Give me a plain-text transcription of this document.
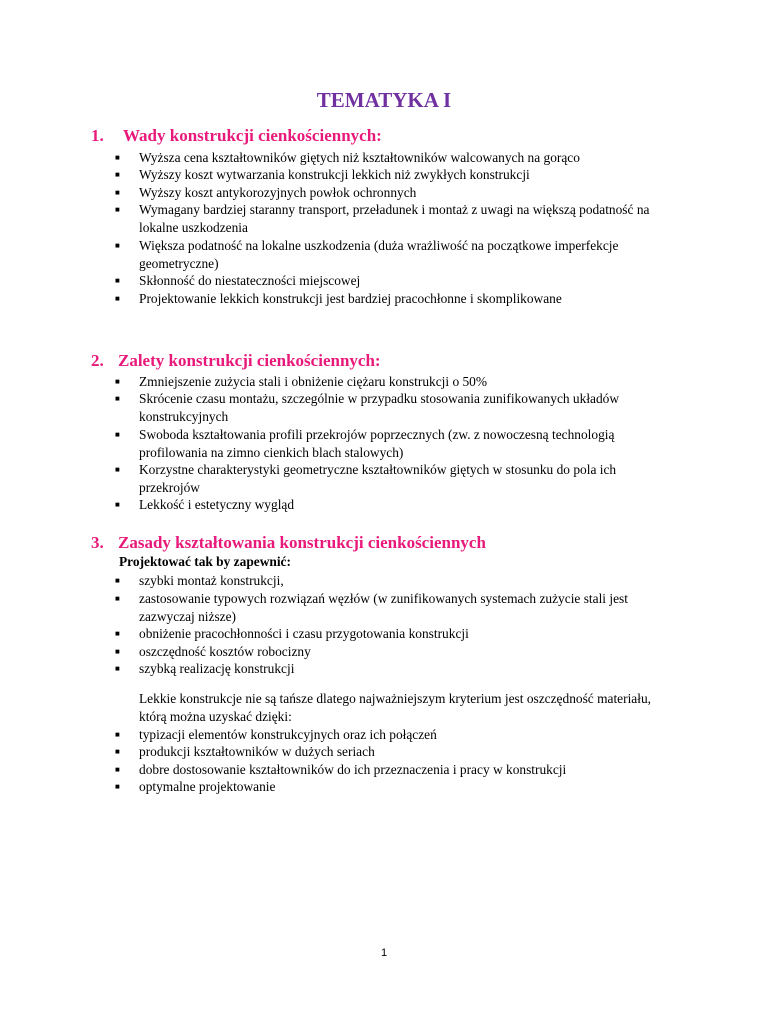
TEMATYKA I
1. Wady konstrukcji cienkościennych:
■ Wyższa cena kształtowników giętych niż kształtowników walcowanych na gorąco
■ Wyższy koszt wytwarzania konstrukcji lekkich niż zwykłych konstrukcji
■ Wyższy koszt antykorozyjnych powłok ochronnych
■ Wymagany bardziej staranny transport, przeładunek i montaż z uwagi na większą podatność na lokalne uszkodzenia
■ Większa podatność na lokalne uszkodzenia (duża wrażliwość na początkowe imperfekcje geometryczne)
■ Skłonność do niestateczności miejscowej
■ Projektowanie lekkich konstrukcji jest bardziej pracochłonne i skomplikowane
2. Zalety konstrukcji cienkościennych:
■ Zmniejszenie zużycia stali i obniżenie ciężaru konstrukcji o 50%
■ Skrócenie czasu montażu, szczególnie w przypadku stosowania zunifikowanych układów konstrukcyjnych
■ Swoboda kształtowania profili przekrojów poprzecznych (zw. z nowoczesną technologią profilowania na zimno cienkich blach stalowych)
■ Korzystne charakterystyki geometryczne kształtowników giętych w stosunku do pola ich przekrojów
■ Lekkość i estetyczny wygląd
3. Zasady kształtowania konstrukcji cienkościennych
Projektować tak by zapewnić:
■ szybki montaż konstrukcji,
■ zastosowanie typowych rozwiązań węzłów (w zunifikowanych systemach zużycie stali jest zazwyczaj niższe)
■ obniżenie pracochłonności i czasu przygotowania konstrukcji
■ oszczędność kosztów robocizny
■ szybką realizację konstrukcji
Lekkie konstrukcje nie są tańsze dlatego najważniejszym kryterium jest oszczędność materiału, którą można uzyskać dzięki:
■ typizacji elementów konstrukcyjnych oraz ich połączeń
■ produkcji kształtowników w dużych seriach
■ dobre dostosowanie kształtowników do ich przeznaczenia i pracy w konstrukcji
■ optymalne projektowanie
1
